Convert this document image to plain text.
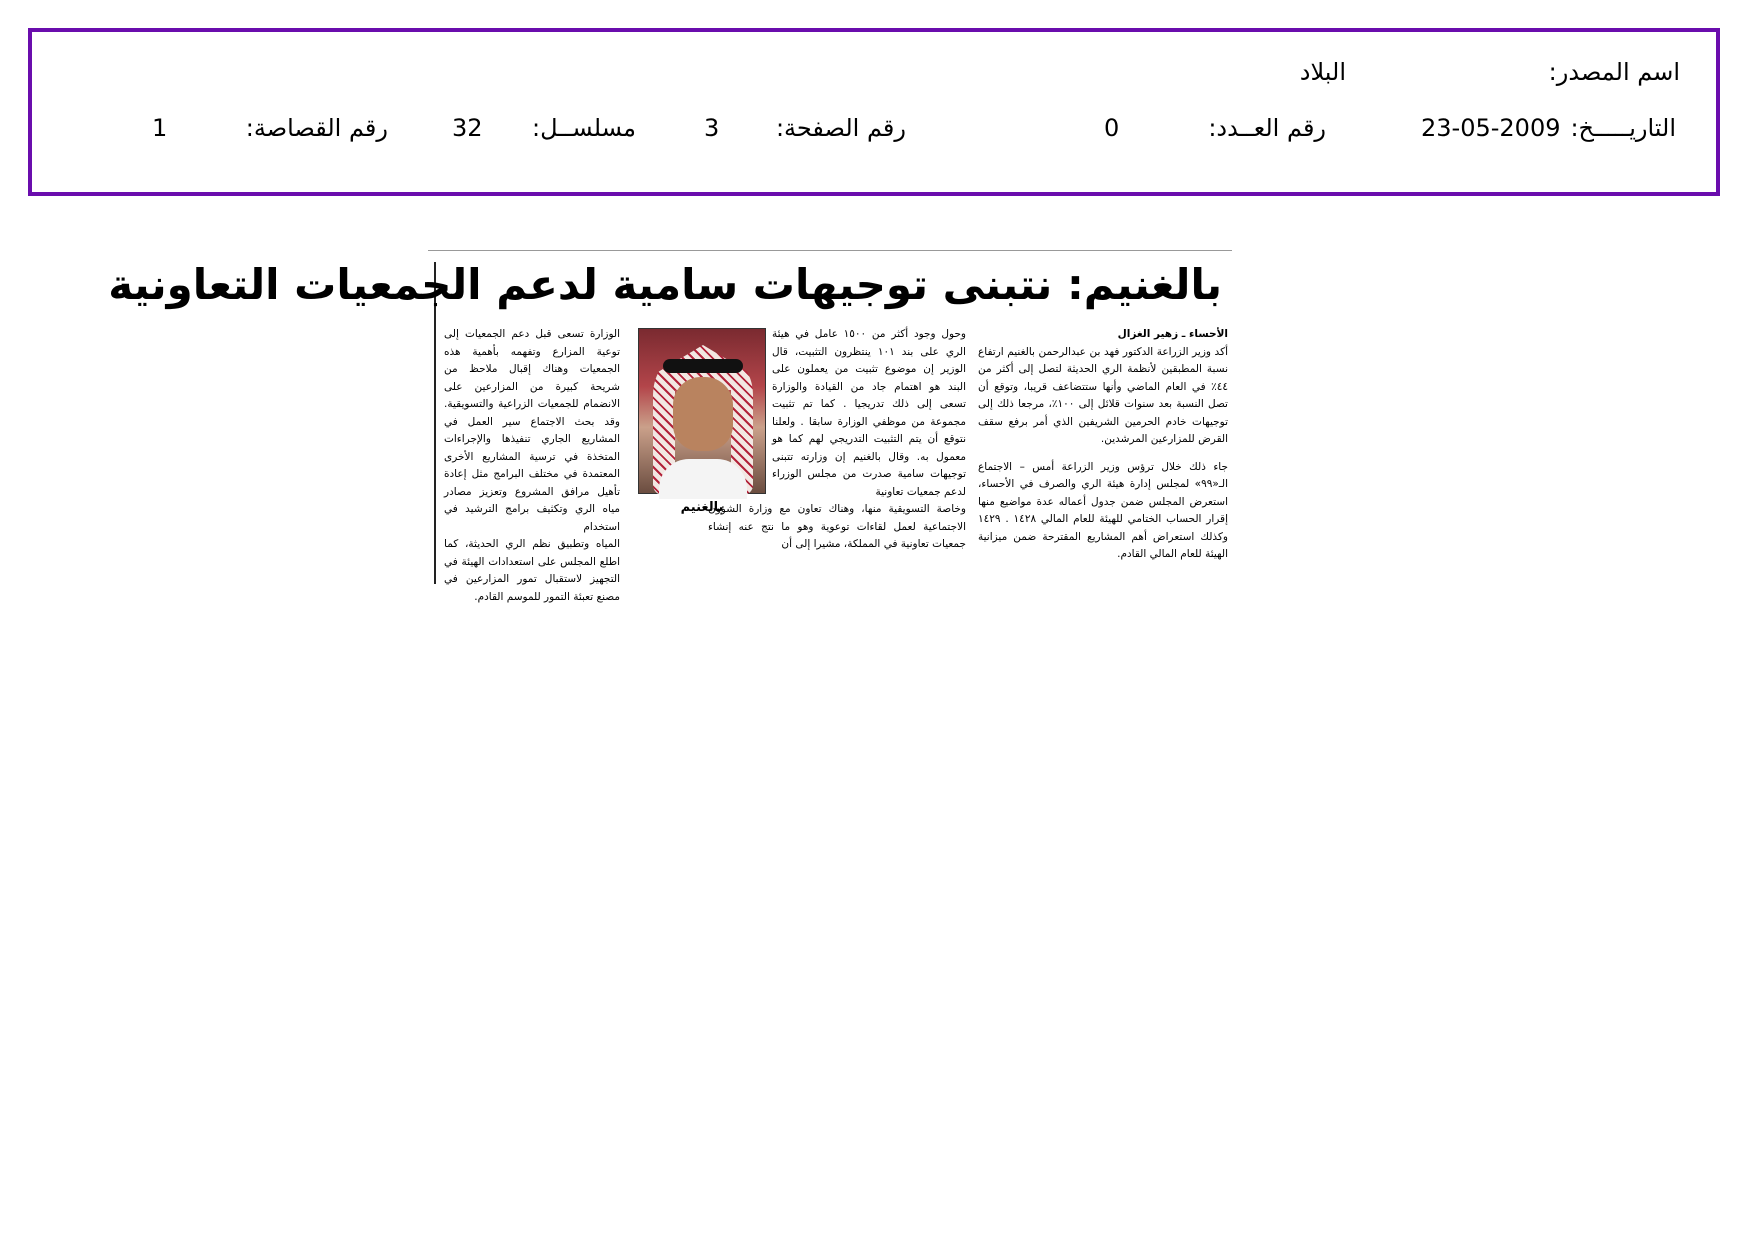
اسم المصدر:
البلاد
التاريـــــخ:
23-05-2009
رقم العــدد:
0
رقم الصفحة:
3
مسلســل:
32
رقم القصاصة:
1
بالغنيم: نتبنى توجيهات سامية لدعم الجمعيات التعاونية

الأحساء ـ زهير الغزال

أكد وزير الزراعة الدكتور فهد بن عبدالرحمن بالغنيم ارتفاع نسبة المطبقين لأنظمة الري الحديثة لتصل إلى أكثر من ٤٤٪ في العام الماضي وأنها ستتضاعف قريبا، وتوقع أن تصل النسبة بعد سنوات قلائل إلى ١٠٠٪، مرجعا ذلك إلى توجيهات خادم الحرمين الشريفين الذي أمر برفع سقف القرض للمزارعين المرشدين.

جاء ذلك خلال ترؤس وزير الزراعة أمس – الاجتماع الـ«٩٩» لمجلس إدارة هيئة الري والصرف في الأحساء، استعرض المجلس ضمن جدول أعماله عدة مواضيع منها إقرار الحساب الختامي للهيئة للعام المالي ١٤٢٨ . ١٤٢٩ وكذلك استعراض أهم المشاريع المقترحة ضمن ميزانية الهيئة للعام المالي القادم.

وحول وجود أكثر من ١٥٠٠ عامل في هيئة الري على بند ١٠١ ينتظرون التثبيت، قال الوزير إن موضوع تثبيت من يعملون على البند هو اهتمام جاد من القيادة والوزارة تسعى إلى ذلك تدريجيا . كما تم تثبيت مجموعة من موظفي الوزارة سابقا . ولعلنا نتوقع أن يتم التثبيت التدريجي لهم كما هو معمول به. وقال بالغنيم إن وزارته تتبنى توجيهات سامية صدرت من مجلس الوزراء لدعم جمعيات تعاونية

وخاصة التسويقية منها، وهناك تعاون مع وزارة الشؤون الاجتماعية لعمل لقاءات توعوية وهو ما نتج عنه إنشاء جمعيات تعاونية في المملكة، مشيرا إلى أن

بالغنيم

الوزارة تسعى قبل دعم الجمعيات إلى توعية المزارع وتفهمه بأهمية هذه الجمعيات وهناك إقبال ملاحظ من شريحة كبيرة من المزارعين على الانضمام للجمعيات الزراعية والتسويقية. وقد بحث الاجتماع سير العمل في المشاريع الجاري تنفيذها والإجراءات المتخذة في ترسية المشاريع الأخرى المعتمدة في مختلف البرامج مثل إعادة تأهيل مرافق المشروع وتعزيز مصادر مياه الري وتكثيف برامج الترشيد في استخدام

المياه وتطبيق نظم الري الحديثة، كما اطلع المجلس على استعدادات الهيئة في التجهيز لاستقبال تمور المزارعين في مصنع تعبئة التمور للموسم القادم.
